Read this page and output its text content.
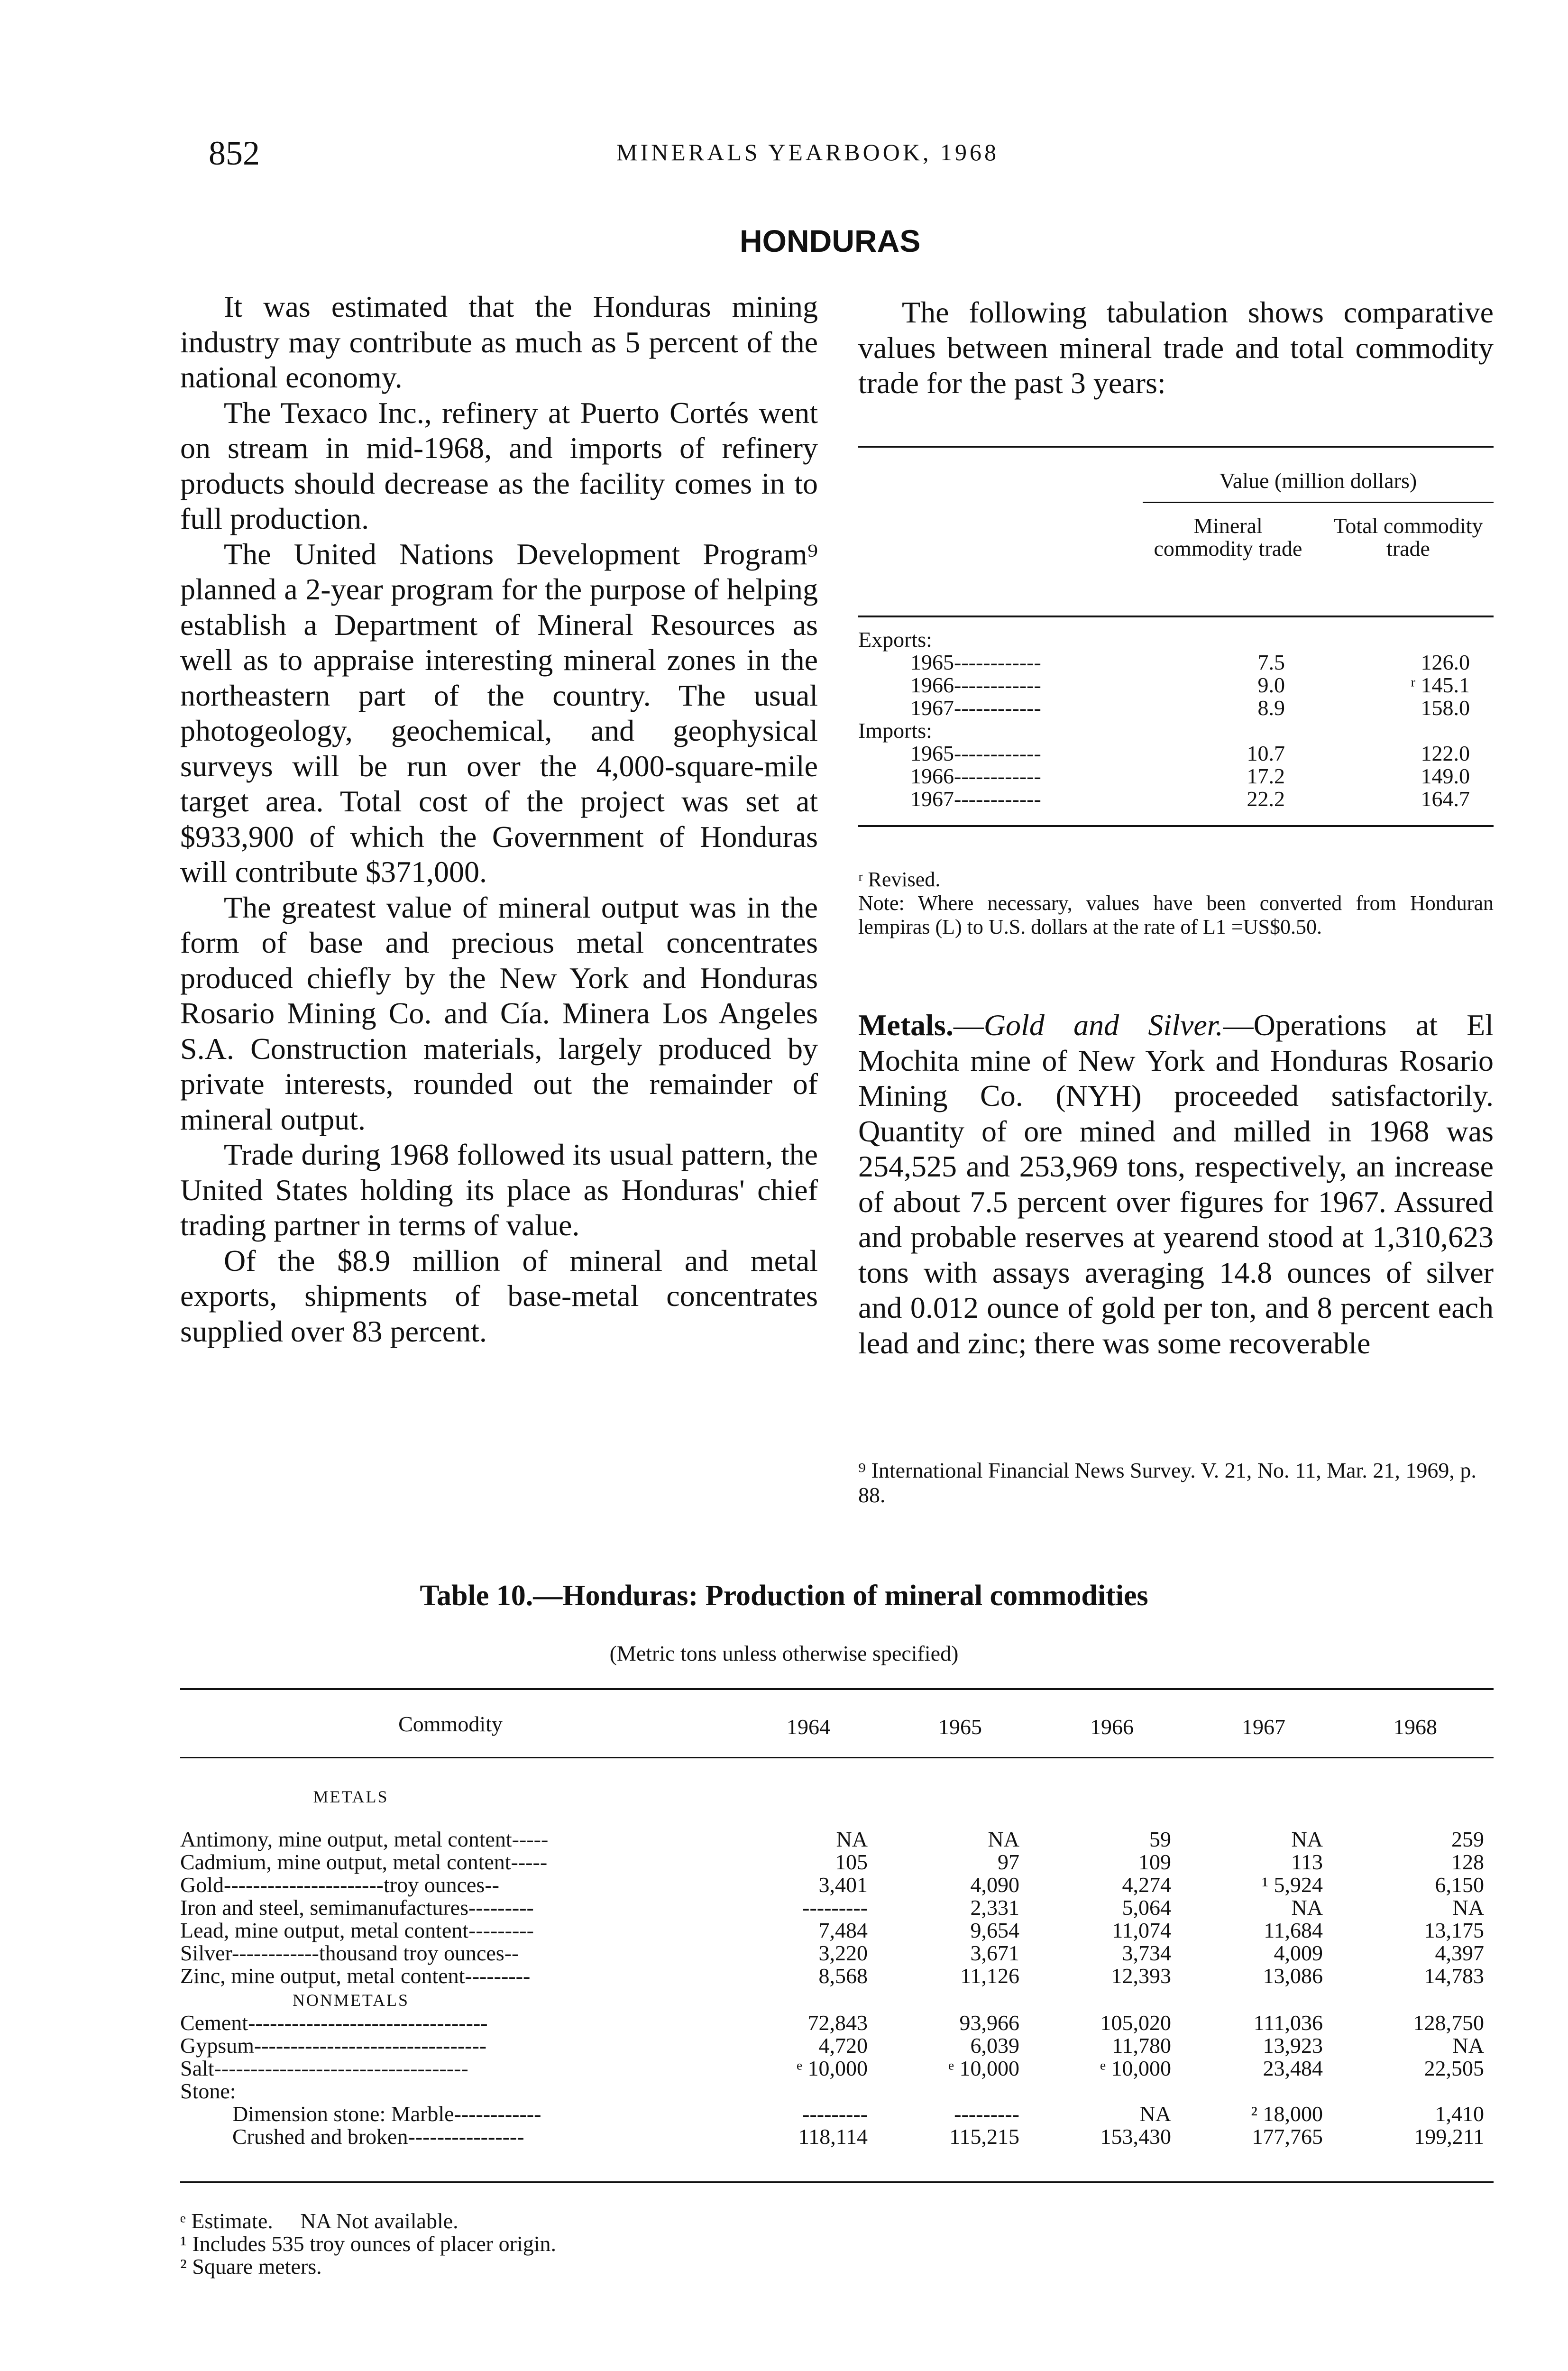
852	MINERALS YEARBOOK, 1968
HONDURAS

It was estimated that the Honduras mining industry may contribute as much as 5 percent of the national economy.

The Texaco Inc., refinery at Puerto Cortés went on stream in mid-1968, and imports of refinery products should decrease as the facility comes in to full production.

The United Nations Development Program⁹ planned a 2-year program for the purpose of helping establish a Department of Mineral Resources as well as to appraise interesting mineral zones in the northeastern part of the country. The usual photogeology, geochemical, and geophysical surveys will be run over the 4,000-square-mile target area. Total cost of the project was set at $933,900 of which the Government of Honduras will contribute $371,000.

The greatest value of mineral output was in the form of base and precious metal concentrates produced chiefly by the New York and Honduras Rosario Mining Co. and Cía. Minera Los Angeles S.A. Construction materials, largely produced by private interests, rounded out the remainder of mineral output.

Trade during 1968 followed its usual pattern, the United States holding its place as Honduras' chief trading partner in terms of value.

Of the $8.9 million of mineral and metal exports, shipments of base-metal concentrates supplied over 83 percent.

The following tabulation shows comparative values between mineral trade and total commodity trade for the past 3 years:

Value (million dollars)
Mineral commodity trade
Total commodity trade
Exports:
1965------------	7.5	126.0
1966------------	9.0	ʳ 145.1
1967------------	8.9	158.0
Imports:
1965------------	10.7	122.0
1966------------	17.2	149.0
1967------------	22.2	164.7

ʳ Revised.

Note: Where necessary, values have been converted from Honduran lempiras (L) to U.S. dollars at the rate of L1 =US$0.50.

Metals.—Gold and Silver.—Operations at El Mochita mine of New York and Honduras Rosario Mining Co. (NYH) proceeded satisfactorily. Quantity of ore mined and milled in 1968 was 254,525 and 253,969 tons, respectively, an increase of about 7.5 percent over figures for 1967. Assured and probable reserves at yearend stood at 1,310,623 tons with assays averaging 14.8 ounces of silver and 0.012 ounce of gold per ton, and 8 percent each lead and zinc; there was some recoverable

⁹ International Financial News Survey. V. 21, No. 11, Mar. 21, 1969, p. 88.
Table 10.—Honduras: Production of mineral commodities
(Metric tons unless otherwise specified)
Commodity	1964	1965	1966	1967	1968
METALS
Antimony, mine output, metal content-----	NA	NA	59	NA	259
Cadmium, mine output, metal content-----	105	97	109	113	128
Gold----------------------troy ounces--	3,401	4,090	4,274	¹ 5,924	6,150
Iron and steel, semimanufactures---------	---------	2,331	5,064	NA	NA
Lead, mine output, metal content---------	7,484	9,654	11,074	11,684	13,175
Silver------------thousand troy ounces--	3,220	3,671	3,734	4,009	4,397
Zinc, mine output, metal content---------	8,568	11,126	12,393	13,086	14,783
NONMETALS
Cement---------------------------------	72,843	93,966	105,020	111,036	128,750
Gypsum--------------------------------	4,720	6,039	11,780	13,923	NA
Salt-----------------------------------	ᵉ 10,000	ᵉ 10,000	ᵉ 10,000	23,484	22,505
Stone:
Dimension stone: Marble------------	---------	---------	NA	² 18,000	1,410
Crushed and broken----------------	118,114	115,215	153,430	177,765	199,211

ᵉ Estimate.     NA Not available.

¹ Includes 535 troy ounces of placer origin.

² Square meters.
